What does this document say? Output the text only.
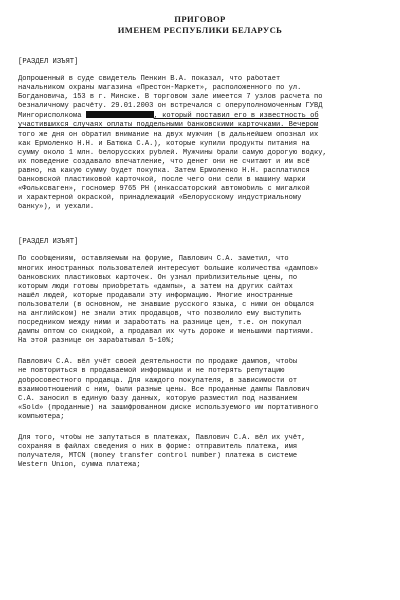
ПРИГОВОР
ИМЕНЕМ РЕСПУБЛИКИ БЕЛАРУСЬ
[РАЗДЕЛ ИЗЪЯТ]
Допрошенный в суде свидетель Пенкин В.А. показал, что работает
начальником охраны магазина «Престон-Маркет», расположенного по ул.
Богдановича, 153 в г. Минске. В торговом зале имеется 7 узлов расчета по
безналичному расчёту. 29.01.2003 он встречался с оперуполномоченным ГУВД
Мингорисполкома	, который поставил его в известность об
участившихся случаях оплаты поддельными банковскими карточками. Вечером
того же дня он обратил внимание на двух мужчин (в дальнейшем опознал их
как Ермоленко Н.Н. и Батюка С.А.), которые купили продукты питания на
сумму около 1 млн. белорусских рублей. Мужчины брали самую дорогую водку,
их поведение создавало впечатление, что денег они не считают и им всё
равно, на какую сумму будет покупка. Затем Ермоленко Н.Н. расплатился
банковской пластиковой карточкой, после чего они сели в машину марки
«Фольксваген», госномер 9765 РН (инкассаторский автомобиль с мигалкой
и характерной окраской, принадлежащий «Белорусскому индустриальному
банку»), и уехали.
[РАЗДЕЛ ИЗЪЯТ]
По сообщениям, оставляемым на форуме, Павлович С.А. заметил, что
многих иностранных пользователей интересуют большие количества «дампов»
банковских пластиковых карточек. Он узнал приблизительные цены, по
которым люди готовы приобретать «дампы», а затем на других сайтах
нашёл людей, которые продавали эту информацию. Многие иностранные
пользователи (в основном, не знавшие русского языка, с ними он общался
на английском) не знали этих продавцов, что позволило ему выступить
посредником между ними и заработать на разнице цен, т.е. он покупал
дампы оптом со скидкой, а продавал их чуть дороже и меньшими партиями.
На этой разнице он зарабатывал 5-10%;
Павлович С.А. вёл учёт своей деятельности по продаже дампов, чтобы
не повториться в продаваемой информации и не потерять репутацию
добросовестного продавца. Для каждого покупателя, в зависимости от
взаимоотношений с ним, были разные цены. Все проданные дампы Павлович
С.А. заносил в единую базу данных, которую разместил под названием
«Sold» (проданные) на зашифрованном диске используемого им портативного
компьютера;
Для того, чтобы не запутаться в платежах, Павлович С.А. вёл их учёт,
сохраняя в файлах сведения о них в форме: отправитель платежа, имя
получателя, MTCN (money transfer control number) платежа в системе
Western Union, сумма платежа;
